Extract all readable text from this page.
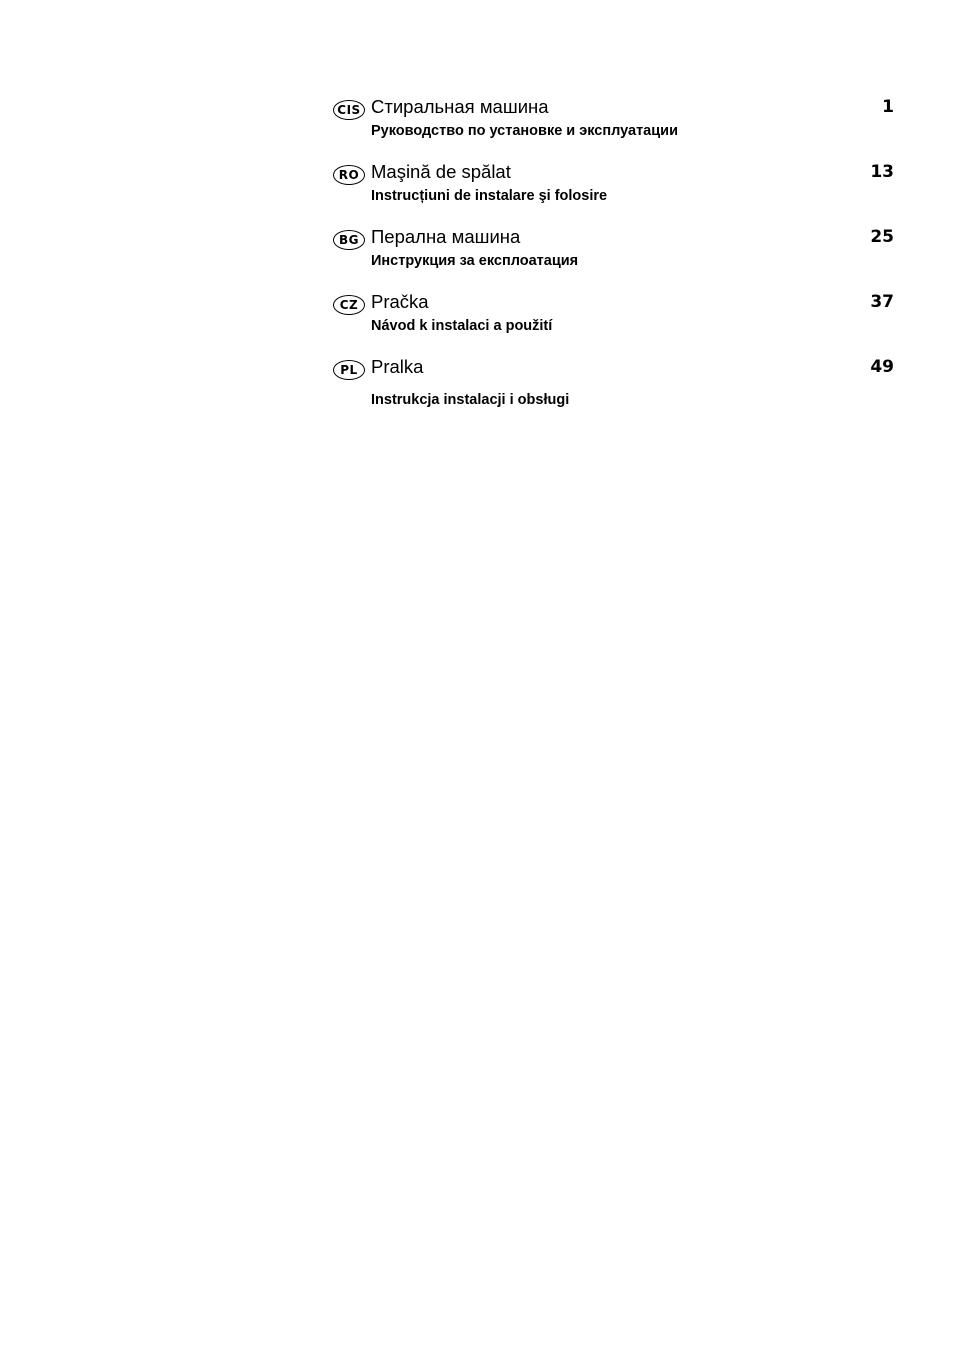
CIS Стиральная машина
Руководство по установке и эксплуатации
1
RO Maşină de spălat
Instrucțiuni de instalare şi folosire
13
BG Перална машина
Инструкция за експлоатация
25
CZ Pračka
Návod k instalaci a použití
37
PL Pralka
Instrukcja instalacji i obsługi
49
